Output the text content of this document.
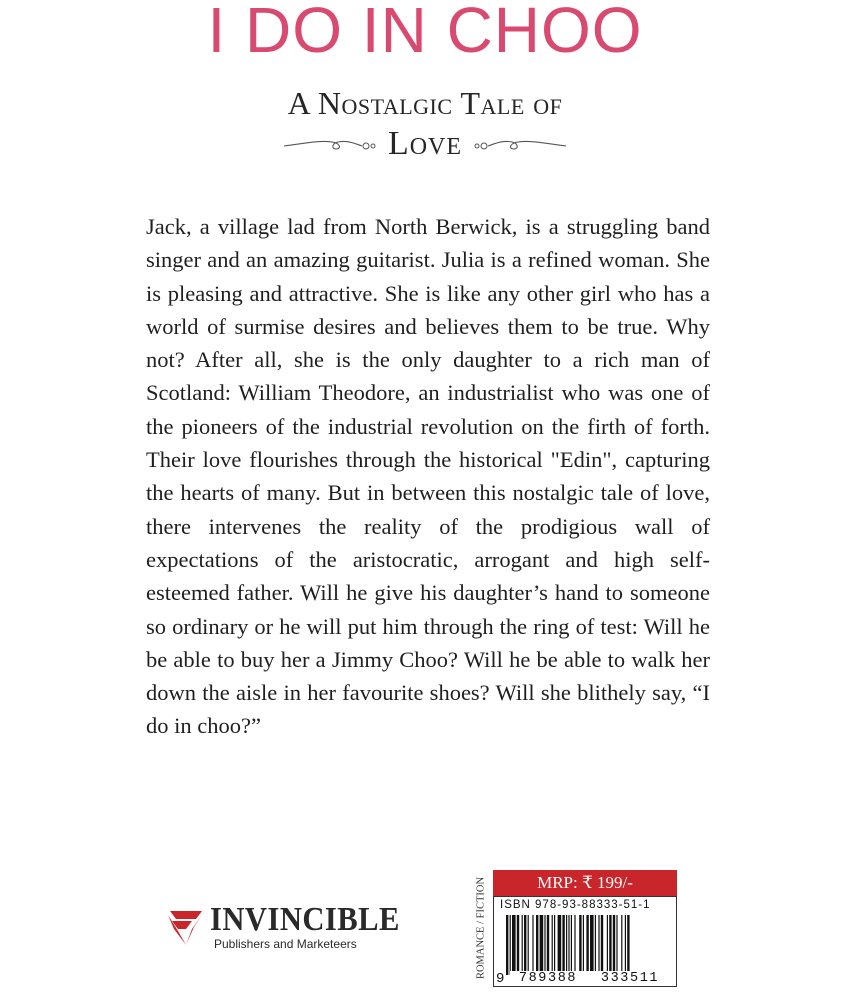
I DO IN CHOO
A Nostalgic Tale of
Love

Jack, a village lad from North Berwick, is a struggling band singer and an amazing guitarist. Julia is a refined woman. She is pleasing and attractive. She is like any other girl who has a world of surmise desires and believes them to be true. Why not? After all, she is the only daughter to a rich man of Scotland: William Theodore, an industrialist who was one of the pioneers of the industrial revolution on the firth of forth. Their love flourishes through the historical "Edin", capturing the hearts of many. But in between this nostalgic tale of love, there intervenes the reality of the prodigious wall of expectations of the aristocratic, arrogant and high self-esteemed father. Will he give his daughter’s hand to someone so ordinary or he will put him through the ring of test: Will he be able to buy her a Jimmy Choo? Will he be able to walk her down the aisle in her favourite shoes? Will she blithely say, “I do in choo?”

INVINCIBLE
Publishers and Marketeers	ROMANCE / FICTION	MRP: ₹ 199/-
ISBN 978-93-88333-51-1
9	789388	333511
